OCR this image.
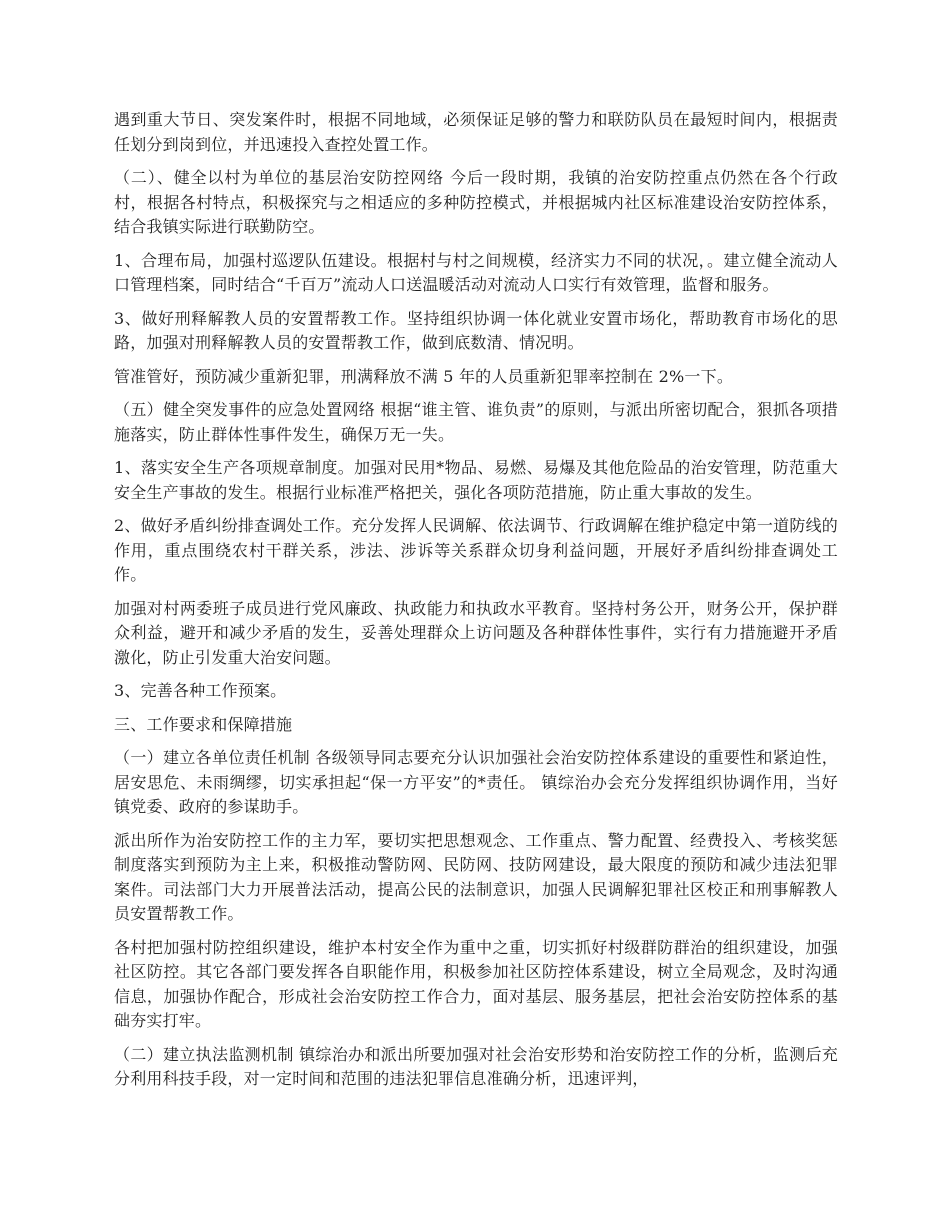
遇到重大节日、突发案件时，根据不同地域，必须保证足够的警力和联防队员在最短时间内，根据责任划分到岗到位，并迅速投入查控处置工作。

（二）、健全以村为单位的基层治安防控网络 今后一段时期，我镇的治安防控重点仍然在各个行政村，根据各村特点，积极探究与之相适应的多种防控模式，并根据城内社区标准建设治安防控体系，结合我镇实际进行联勤防空。

1、合理布局，加强村巡逻队伍建设。根据村与村之间规模，经济实力不同的状况，。建立健全流动人口管理档案，同时结合“千百万”流动人口送温暖活动对流动人口实行有效管理，监督和服务。

3、做好刑释解教人员的安置帮教工作。坚持组织协调一体化就业安置市场化，帮助教育市场化的思路，加强对刑释解教人员的安置帮教工作，做到底数清、情况明。

管准管好，预防减少重新犯罪，刑满释放不满 5 年的人员重新犯罪率控制在 2%一下。

（五）健全突发事件的应急处置网络 根据“谁主管、谁负责”的原则，与派出所密切配合，狠抓各项措施落实，防止群体性事件发生，确保万无一失。

1、落实安全生产各项规章制度。加强对民用*物品、易燃、易爆及其他危险品的治安管理，防范重大安全生产事故的发生。根据行业标准严格把关，强化各项防范措施，防止重大事故的发生。

2、做好矛盾纠纷排查调处工作。充分发挥人民调解、依法调节、行政调解在维护稳定中第一道防线的作用，重点围绕农村干群关系，涉法、涉诉等关系群众切身利益问题，开展好矛盾纠纷排查调处工作。

加强对村两委班子成员进行党风廉政、执政能力和执政水平教育。坚持村务公开，财务公开，保护群众利益，避开和减少矛盾的发生，妥善处理群众上访问题及各种群体性事件，实行有力措施避开矛盾激化，防止引发重大治安问题。

3、完善各种工作预案。

三、工作要求和保障措施

（一）建立各单位责任机制 各级领导同志要充分认识加强社会治安防控体系建设的重要性和紧迫性，居安思危、未雨绸缪，切实承担起“保一方平安”的*责任。 镇综治办会充分发挥组织协调作用，当好镇党委、政府的参谋助手。

派出所作为治安防控工作的主力军，要切实把思想观念、工作重点、警力配置、经费投入、考核奖惩制度落实到预防为主上来，积极推动警防网、民防网、技防网建设，最大限度的预防和减少违法犯罪案件。司法部门大力开展普法活动，提高公民的法制意识，加强人民调解犯罪社区校正和刑事解教人员安置帮教工作。

各村把加强村防控组织建设，维护本村安全作为重中之重，切实抓好村级群防群治的组织建设，加强社区防控。其它各部门要发挥各自职能作用，积极参加社区防控体系建设，树立全局观念，及时沟通信息，加强协作配合，形成社会治安防控工作合力，面对基层、服务基层，把社会治安防控体系的基础夯实打牢。

（二）建立执法监测机制 镇综治办和派出所要加强对社会治安形势和治安防控工作的分析，监测后充分利用科技手段，对一定时间和范围的违法犯罪信息准确分析，迅速评判，
